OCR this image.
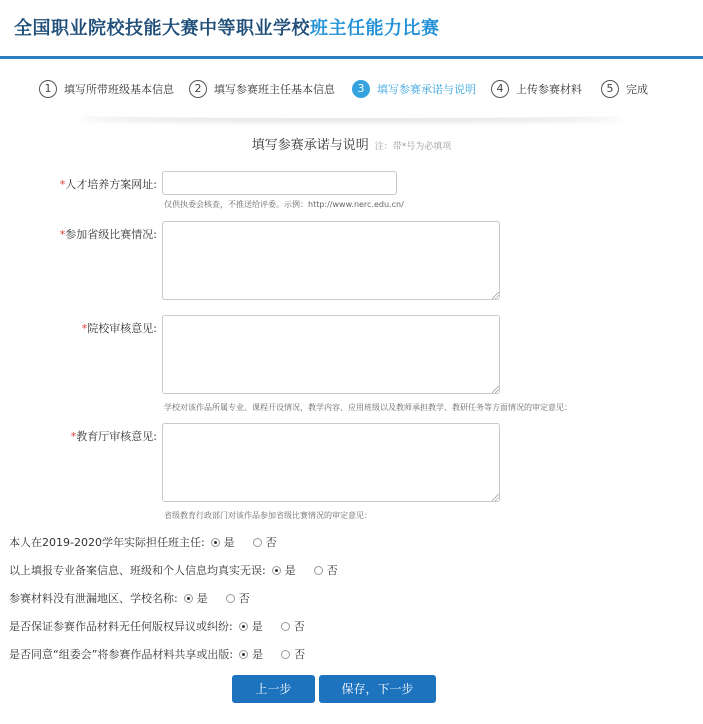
全国职业院校技能大赛中等职业学校班主任能力比赛
1	填写所带班级基本信息	2	填写参赛班主任基本信息	3	填写参赛承诺与说明	4	上传参赛材料	5	完成
填写参赛承诺与说明 注：带*号为必填项
*人才培养方案网址:
仅供执委会核查，不推送给评委。示例：http://www.nerc.edu.cn/
*参加省级比赛情况:
*院校审核意见:
学校对该作品所属专业、课程开设情况，教学内容、应用班级以及教师承担教学、教研任务等方面情况的审定意见：
*教育厅审核意见:
省级教育行政部门对该作品参加省级比赛情况的审定意见：
本人在2019-2020学年实际担任班主任: 是	否
以上填报专业备案信息、班级和个人信息均真实无误: 是	否
参赛材料没有泄漏地区、学校名称: 是	否
是否保证参赛作品材料无任何版权异议或纠纷: 是	否
是否同意“组委会”将参赛作品材料共享或出版: 是	否
上一步	保存，下一步
